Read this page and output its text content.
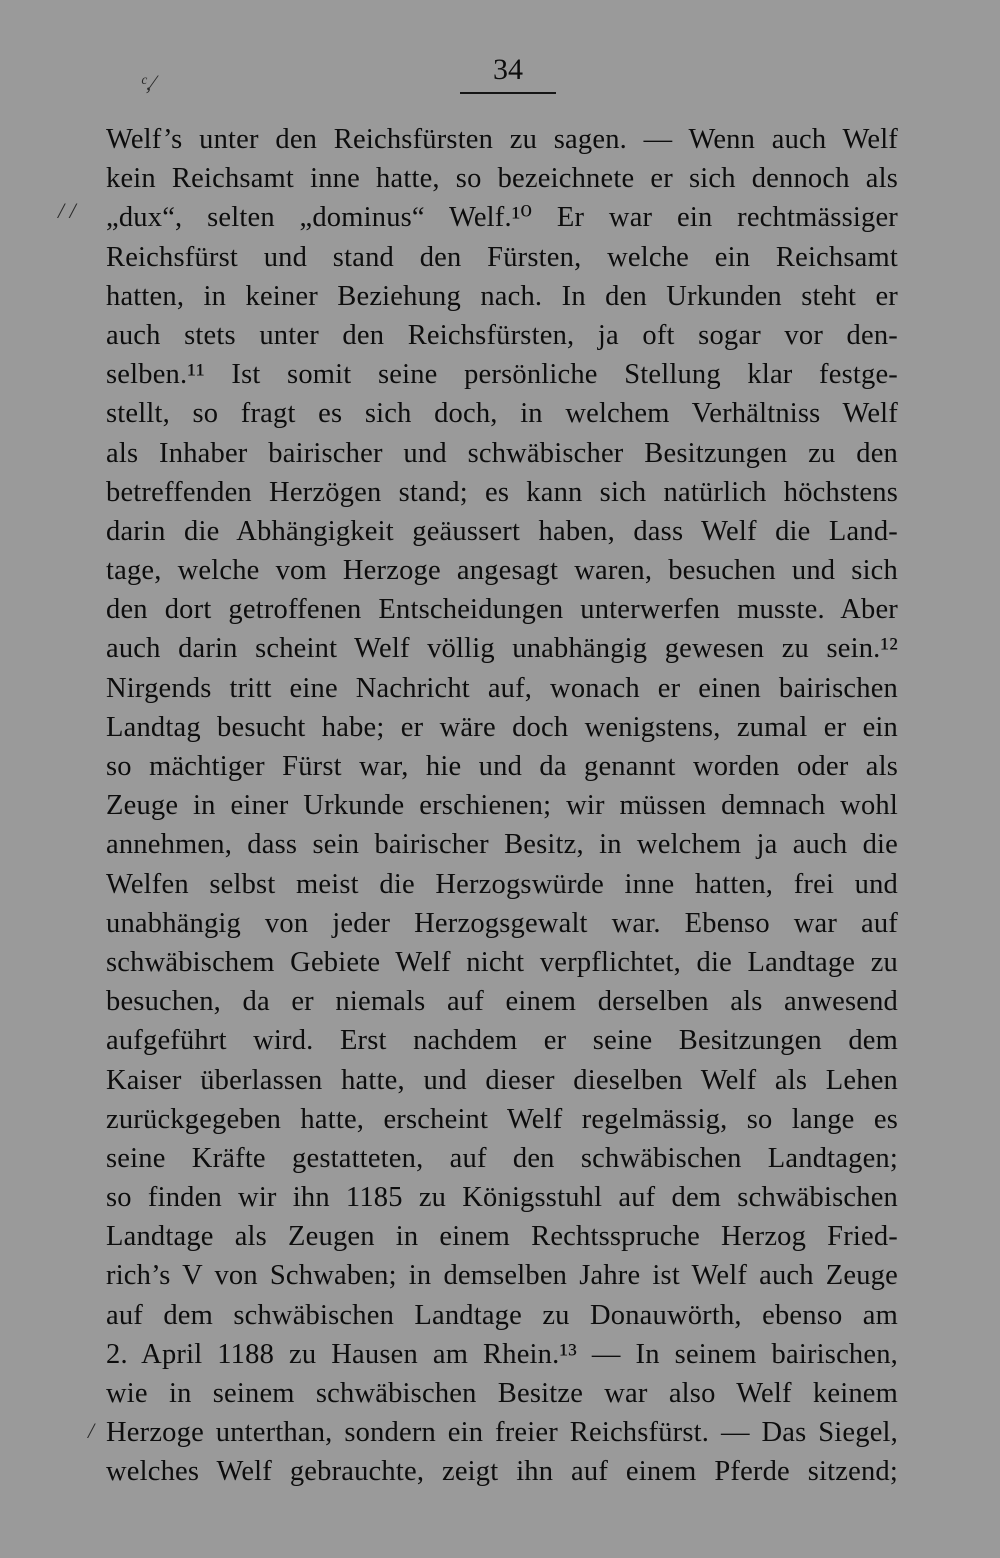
34
ᶜ,⁄
/ /
/
Welf’s unter den Reichsfürsten zu sagen. — Wenn auch Welf
kein Reichsamt inne hatte, so bezeichnete er sich dennoch als
„dux“, selten „dominus“ Welf.¹⁰ Er war ein rechtmässiger
Reichsfürst und stand den Fürsten, welche ein Reichsamt
hatten, in keiner Beziehung nach. In den Urkunden steht er
auch stets unter den Reichsfürsten, ja oft sogar vor den-
selben.¹¹ Ist somit seine persönliche Stellung klar festge-
stellt, so fragt es sich doch, in welchem Verhältniss Welf
als Inhaber bairischer und schwäbischer Besitzungen zu den
betreffenden Herzögen stand; es kann sich natürlich höchstens
darin die Abhängigkeit geäussert haben, dass Welf die Land-
tage, welche vom Herzoge angesagt waren, besuchen und sich
den dort getroffenen Entscheidungen unterwerfen musste. Aber
auch darin scheint Welf völlig unabhängig gewesen zu sein.¹²
Nirgends tritt eine Nachricht auf, wonach er einen bairischen
Landtag besucht habe; er wäre doch wenigstens, zumal er ein
so mächtiger Fürst war, hie und da genannt worden oder als
Zeuge in einer Urkunde erschienen; wir müssen demnach wohl
annehmen, dass sein bairischer Besitz, in welchem ja auch die
Welfen selbst meist die Herzogswürde inne hatten, frei und
unabhängig von jeder Herzogsgewalt war. Ebenso war auf
schwäbischem Gebiete Welf nicht verpflichtet, die Landtage zu
besuchen, da er niemals auf einem derselben als anwesend
aufgeführt wird. Erst nachdem er seine Besitzungen dem
Kaiser überlassen hatte, und dieser dieselben Welf als Lehen
zurückgegeben hatte, erscheint Welf regelmässig, so lange es
seine Kräfte gestatteten, auf den schwäbischen Landtagen;
so finden wir ihn 1185 zu Königsstuhl auf dem schwäbischen
Landtage als Zeugen in einem Rechtsspruche Herzog Fried-
rich’s V von Schwaben; in demselben Jahre ist Welf auch Zeuge
auf dem schwäbischen Landtage zu Donauwörth, ebenso am
2. April 1188 zu Hausen am Rhein.¹³ — In seinem bairischen,
wie in seinem schwäbischen Besitze war also Welf keinem
Herzoge unterthan, sondern ein freier Reichsfürst. — Das Siegel,
welches Welf gebrauchte, zeigt ihn auf einem Pferde sitzend;
